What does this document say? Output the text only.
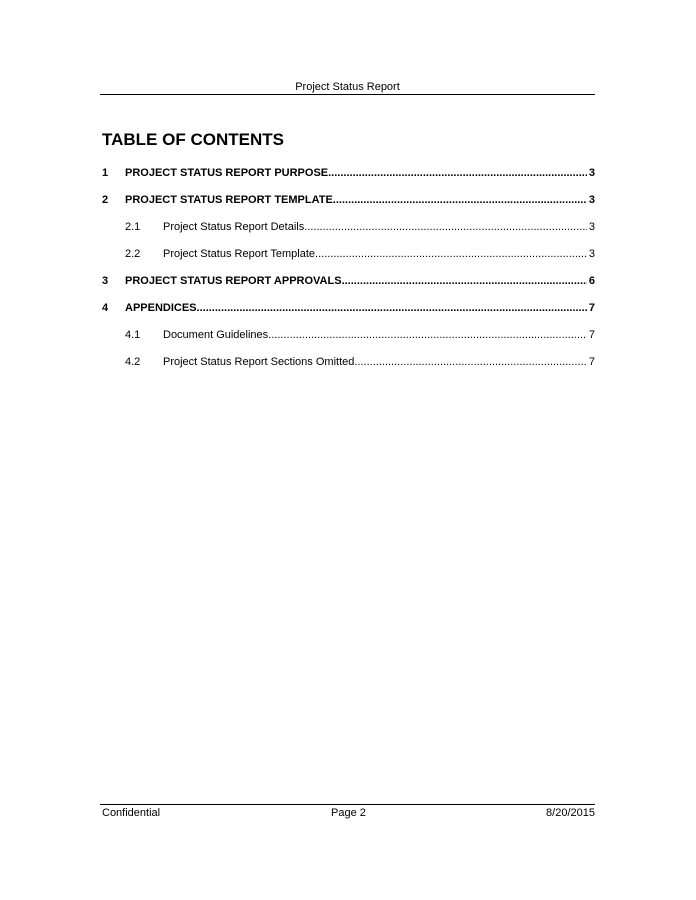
Project Status Report
TABLE OF CONTENTS
1	PROJECT STATUS REPORT PURPOSE .....	3
2	PROJECT STATUS REPORT TEMPLATE .....	3
2.1	Project Status Report Details .....	3
2.2	Project Status Report Template .....	3
3	PROJECT STATUS REPORT APPROVALS .....	6
4	APPENDICES .....	7
4.1	Document Guidelines .....	7
4.2	Project Status Report Sections Omitted .....	7
Confidential	Page 2	8/20/2015
